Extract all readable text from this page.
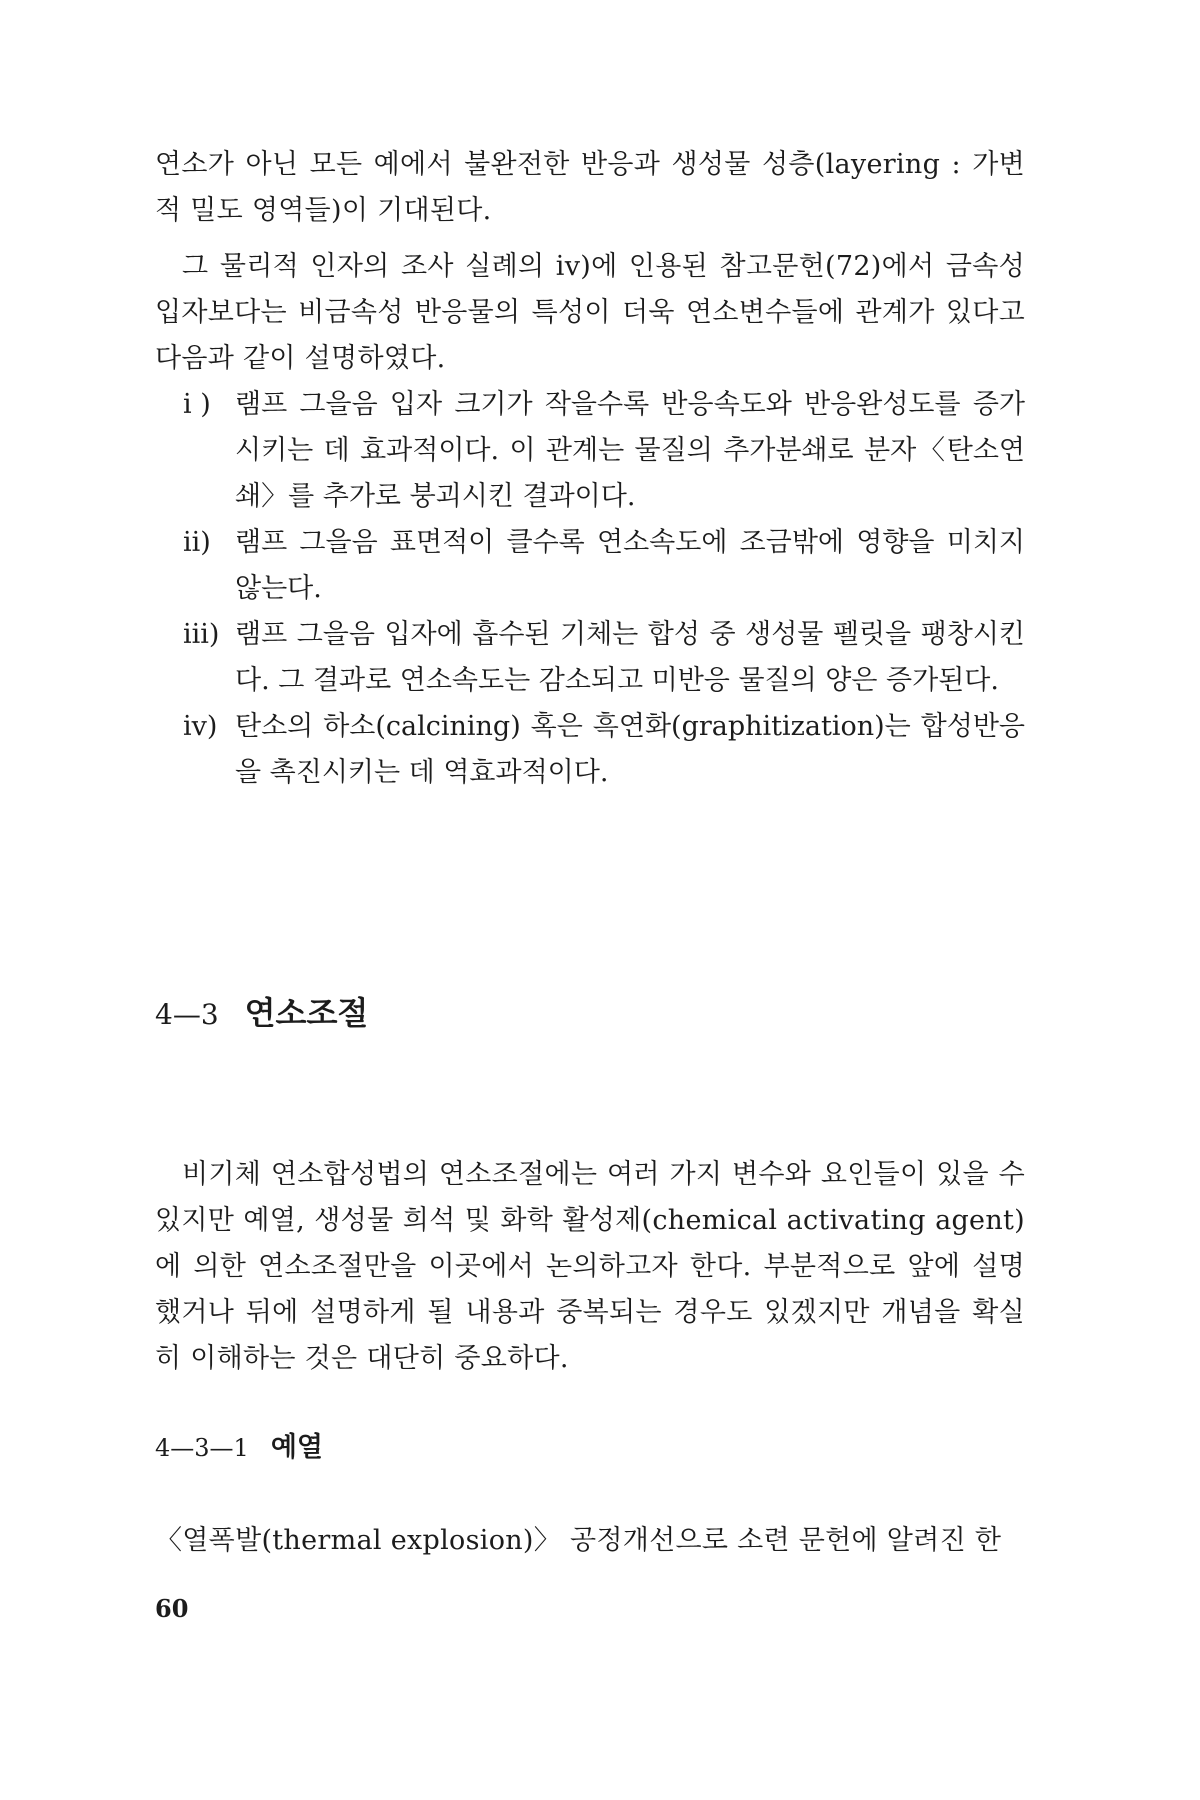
연소가 아닌 모든 예에서 불완전한 반응과 생성물 성층(layering : 가변적 밀도 영역들)이 기대된다.

그 물리적 인자의 조사 실례의 iv)에 인용된 참고문헌(72)에서 금속성 입자보다는 비금속성 반응물의 특성이 더욱 연소변수들에 관계가 있다고 다음과 같이 설명하였다.

i ) 램프 그을음 입자 크기가 작을수록 반응속도와 반응완성도를 증가시키는 데 효과적이다. 이 관계는 물질의 추가분쇄로 분자〈탄소연쇄〉를 추가로 붕괴시킨 결과이다.
ii) 램프 그을음 표면적이 클수록 연소속도에 조금밖에 영향을 미치지 않는다.
iii) 램프 그을음 입자에 흡수된 기체는 합성 중 생성물 펠릿을 팽창시킨다. 그 결과로 연소속도는 감소되고 미반응 물질의 양은 증가된다.
iv) 탄소의 하소(calcining) 혹은 흑연화(graphitization)는 합성반응을 촉진시키는 데 역효과적이다.
4—3 연소조절

비기체 연소합성법의 연소조절에는 여러 가지 변수와 요인들이 있을 수 있지만 예열, 생성물 희석 및 화학 활성제(chemical activating agent)에 의한 연소조절만을 이곳에서 논의하고자 한다. 부분적으로 앞에 설명했거나 뒤에 설명하게 될 내용과 중복되는 경우도 있겠지만 개념을 확실히 이해하는 것은 대단히 중요하다.

4—3—1 예열

〈열폭발(thermal explosion)〉 공정개선으로 소련 문헌에 알려진 한

60
